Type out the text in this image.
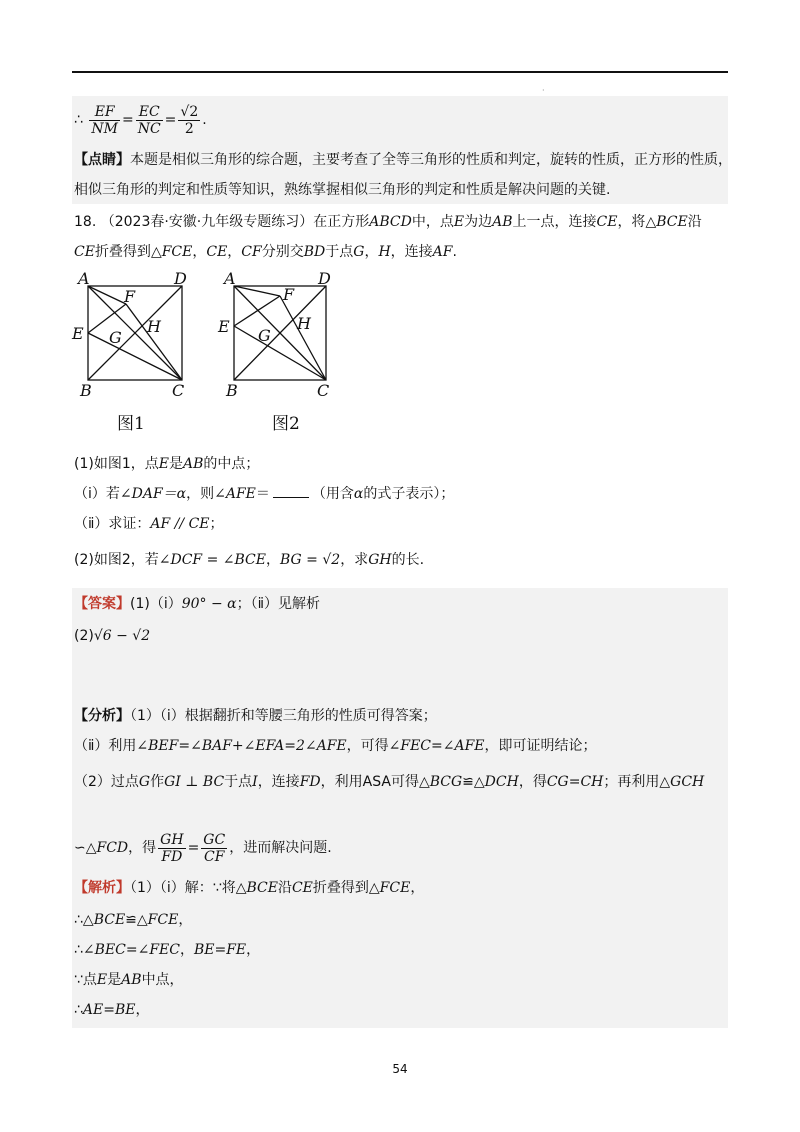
·
∴ $\frac{EF}{NM} = \frac{EC}{NC} = \frac{√2}{2}$ .
【点睛】本题是相似三角形的综合题，主要考查了全等三角形的性质和判定，旋转的性质，正方形的性质，
相似三角形的判定和性质等知识，熟练掌握相似三角形的判定和性质是解决问题的关键.
18. （2023春·安徽·九年级专题练习）在正方形ABCD中，点E为边AB上一点，连接CE，将△BCE沿
CE折叠得到△FCE，CE，CF分别交BD于点G，H，连接AF.
A	D
E
F
G
H
B	C
图1
A	D
E
F
G
H
B	C
图2
(1)如图1，点E是AB的中点；
（ⅰ）若∠DAF＝α，则∠AFE＝	（用含α的式子表示）；
（ⅱ）求证：AF // CE；
(2)如图2，若∠DCF = ∠BCE，BG = √2，求GH的长.
【答案】(1)（ⅰ）90° − α；（ⅱ）见解析
(2)√6 − √2
【分析】（1）（ⅰ）根据翻折和等腰三角形的性质可得答案；
（ⅱ）利用∠BEF=∠BAF+∠EFA=2∠AFE，可得∠FEC=∠AFE，即可证明结论；
（2）过点G作GI ⊥ BC于点I，连接FD，利用ASA可得△BCG≌△DCH，得CG=CH；再利用△GCH
∽△FCD，得 $\frac{GH}{FD} = \frac{GC}{CF}$ ，进而解决问题.
【解析】（1）（ⅰ）解：∵将△BCE沿CE折叠得到△FCE，
∴△BCE≌△FCE，
∴∠BEC=∠FEC，BE=FE，
∵点E是AB中点，
∴AE=BE，
54
